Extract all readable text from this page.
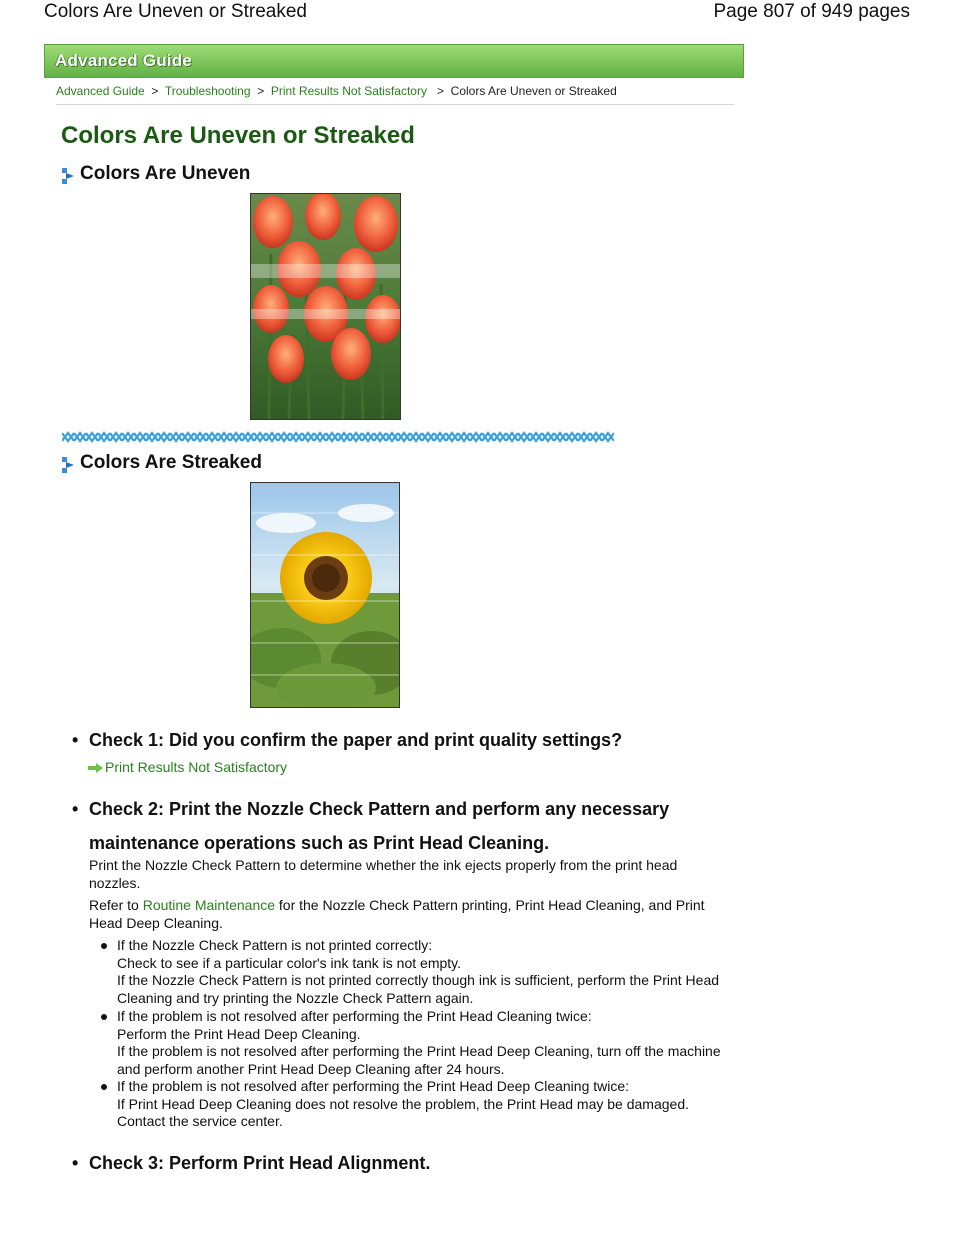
Colors Are Uneven or Streaked	Page 807 of 949 pages
Advanced Guide
Advanced Guide  >  Troubleshooting  >  Print Results Not Satisfactory   >  Colors Are Uneven or Streaked
Colors Are Uneven or Streaked
Colors Are Uneven
Colors Are Streaked
• Check 1: Did you confirm the paper and print quality settings?
Print Results Not Satisfactory
• Check 2: Print the Nozzle Check Pattern and perform any necessary
maintenance operations such as Print Head Cleaning.
Print the Nozzle Check Pattern to determine whether the ink ejects properly from the print head nozzles.
Refer to Routine Maintenance for the Nozzle Check Pattern printing, Print Head Cleaning, and Print Head Deep Cleaning.
If the Nozzle Check Pattern is not printed correctly:
Check to see if a particular color's ink tank is not empty.
If the Nozzle Check Pattern is not printed correctly though ink is sufficient, perform the Print Head Cleaning and try printing the Nozzle Check Pattern again.
If the problem is not resolved after performing the Print Head Cleaning twice:
Perform the Print Head Deep Cleaning.
If the problem is not resolved after performing the Print Head Deep Cleaning, turn off the machine and perform another Print Head Deep Cleaning after 24 hours.
If the problem is not resolved after performing the Print Head Deep Cleaning twice:
If Print Head Deep Cleaning does not resolve the problem, the Print Head may be damaged. Contact the service center.
• Check 3: Perform Print Head Alignment.
